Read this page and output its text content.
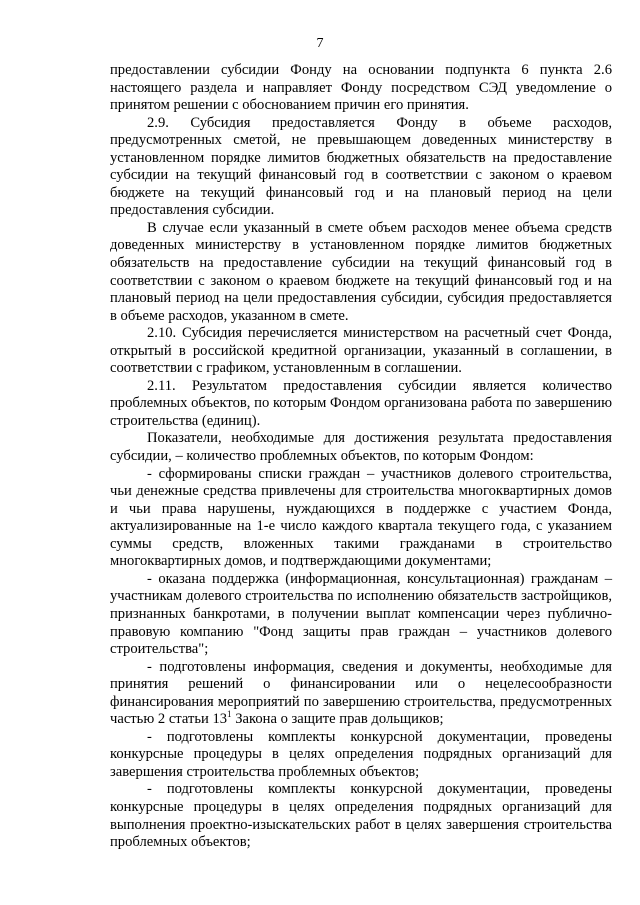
7

предоставлении субсидии Фонду на основании подпункта 6 пункта 2.6 настоящего раздела и направляет Фонду посредством СЭД уведомление о принятом решении с обоснованием причин его принятия.

2.9. Субсидия предоставляется Фонду в объеме расходов, предусмотренных сметой, не превышающем доведенных министерству в установленном порядке лимитов бюджетных обязательств на предоставление субсидии на текущий финансовый год в соответствии с законом о краевом бюджете на текущий финансовый год и на плановый период на цели предоставления субсидии.

В случае если указанный в смете объем расходов менее объема средств доведенных министерству в установленном порядке лимитов бюджетных обязательств на предоставление субсидии на текущий финансовый год в соответствии с законом о краевом бюджете на текущий финансовый год и на плановый период на цели предоставления субсидии, субсидия предоставляется в объеме расходов, указанном в смете.

2.10. Субсидия перечисляется министерством на расчетный счет Фонда, открытый в российской кредитной организации, указанный в соглашении, в соответствии с графиком, установленным в соглашении.

2.11. Результатом предоставления субсидии является количество проблемных объектов, по которым Фондом организована работа по завершению строительства (единиц).

Показатели, необходимые для достижения результата предоставления субсидии, – количество проблемных объектов, по которым Фондом:

- сформированы списки граждан – участников долевого строительства, чьи денежные средства привлечены для строительства многоквартирных домов и чьи права нарушены, нуждающихся в поддержке с участием Фонда, актуализированные на 1-е число каждого квартала текущего года, с указанием суммы средств, вложенных такими гражданами в строительство многоквартирных домов, и подтверждающими документами;

- оказана поддержка (информационная, консультационная) гражданам – участникам долевого строительства по исполнению обязательств застройщиков, признанных банкротами, в получении выплат компенсации через публично-правовую компанию "Фонд защиты прав граждан – участников долевого строительства";

- подготовлены информация, сведения и документы, необходимые для принятия решений о финансировании или о нецелесообразности финансирования мероприятий по завершению строительства, предусмотренных частью 2 статьи $13^1$ Закона о защите прав дольщиков;

- подготовлены комплекты конкурсной документации, проведены конкурсные процедуры в целях определения подрядных организаций для завершения строительства проблемных объектов;

- подготовлены комплекты конкурсной документации, проведены конкурсные процедуры в целях определения подрядных организаций для выполнения проектно-изыскательских работ в целях завершения строительства проблемных объектов;
